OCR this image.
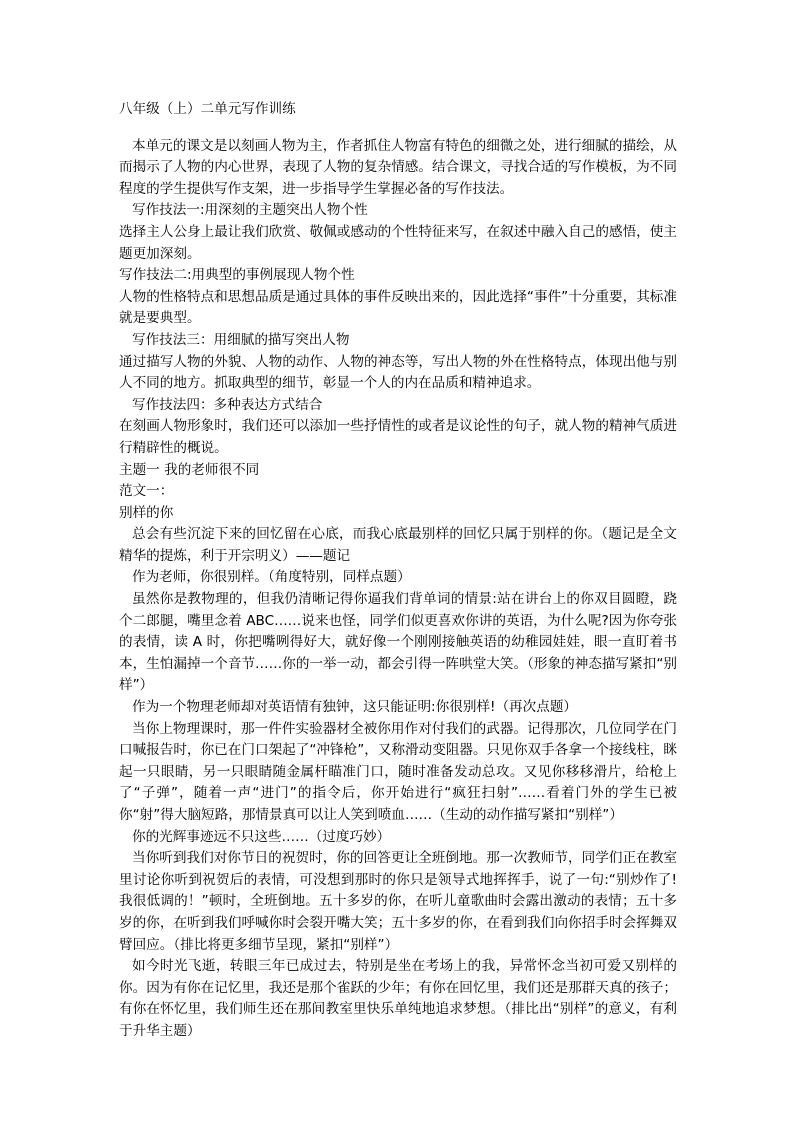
八年级（上）二单元写作训练

本单元的课文是以刻画人物为主，作者抓住人物富有特色的细微之处，进行细腻的描绘，从而揭示了人物的内心世界，表现了人物的复杂情感。结合课文，寻找合适的写作模板，为不同程度的学生提供写作支架，进一步指导学生掌握必备的写作技法。

写作技法一:用深刻的主题突出人物个性

选择主人公身上最让我们欣赏、敬佩或感动的个性特征来写，在叙述中融入自己的感悟，使主题更加深刻。

写作技法二:用典型的事例展现人物个性

人物的性格特点和思想品质是通过具体的事件反映出来的，因此选择“事件”十分重要，其标准就是要典型。

写作技法三：用细腻的描写突出人物

通过描写人物的外貌、人物的动作、人物的神态等，写出人物的外在性格特点，体现出他与别人不同的地方。抓取典型的细节，彰显一个人的内在品质和精神追求。

写作技法四：多种表达方式结合

在刻画人物形象时，我们还可以添加一些抒情性的或者是议论性的句子，就人物的精神气质进行精辟性的概说。

主题一 我的老师很不同

范文一：

别样的你

总会有些沉淀下来的回忆留在心底，而我心底最别样的回忆只属于别样的你。（题记是全文精华的提炼，利于开宗明义）——题记

作为老师，你很别样。（角度特别，同样点题）

虽然你是教物理的，但我仍清晰记得你逼我们背单词的情景:站在讲台上的你双目圆瞪，跷个二郎腿，嘴里念着 ABC……说来也怪，同学们似更喜欢你讲的英语，为什么呢?因为你夸张的表情，读 A 时，你把嘴咧得好大，就好像一个刚刚接触英语的幼稚园娃娃，眼一直盯着书本，生怕漏掉一个音节……你的一举一动，都会引得一阵哄堂大笑。（形象的神态描写紧扣“别样”）

作为一个物理老师却对英语情有独钟，这只能证明:你很别样!（再次点题）

当你上物理课时，那一件件实验器材全被你用作对付我们的武器。记得那次，几位同学在门口喊报告时，你已在门口架起了“冲锋枪”，又称滑动变阻器。只见你双手各拿一个接线柱，眯起一只眼睛，另一只眼睛随金属杆瞄准门口，随时准备发动总攻。又见你移移滑片，给枪上了“子弹”，随着一声“进门”的指令后，你开始进行“疯狂扫射”……看着门外的学生已被你“射”得大脑短路，那情景真可以让人笑到喷血……（生动的动作描写紧扣“别样”）

你的光辉事迹远不只这些……（过度巧妙）

当你听到我们对你节日的祝贺时，你的回答更让全班倒地。那一次教师节，同学们正在教室里讨论你听到祝贺后的表情，可没想到那时的你只是领导式地挥挥手，说了一句:“别炒作了!我很低调的！”顿时，全班倒地。五十多岁的你，在听儿童歌曲时会露出激动的表情；五十多岁的你，在听到我们呼喊你时会裂开嘴大笑；五十多岁的你，在看到我们向你招手时会挥舞双臂回应。（排比将更多细节呈现，紧扣“别样”）

如今时光飞逝，转眼三年已成过去，特别是坐在考场上的我，异常怀念当初可爱又别样的你。因为有你在记忆里，我还是那个雀跃的少年；有你在回忆里，我们还是那群天真的孩子；有你在怀忆里，我们师生还在那间教室里快乐单纯地追求梦想。（排比出“别样”的意义，有利于升华主题）
